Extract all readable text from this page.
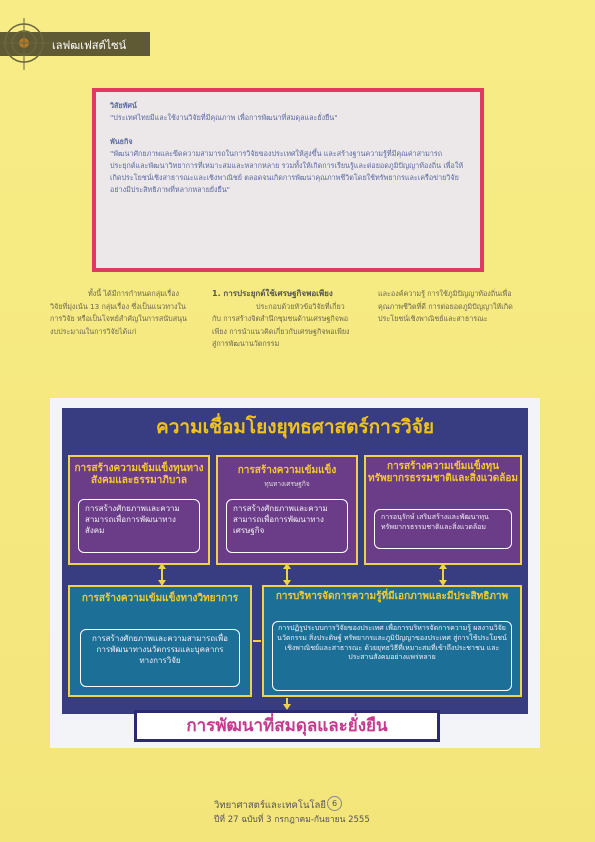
เลฟฒเฟสต์ไซน์

วิสัยทัศน์

"ประเทศไทยมีและใช้งานวิจัยที่มีคุณภาพ เพื่อการพัฒนาที่สมดุลและยั่งยืน"

พันธกิจ

"พัฒนาศักยภาพและขีดความสามารถในการวิจัยของประเทศให้สูงขึ้น และสร้างฐานความรู้ที่มีคุณค่าสามารถประยุกต์และพัฒนาวิทยาการที่เหมาะสมและหลากหลาย รวมทั้งให้เกิดการเรียนรู้และต่อยอดภูมิปัญญาท้องถิ่น เพื่อให้เกิดประโยชน์เชิงสาธารณะและเชิงพาณิชย์ ตลอดจนเกิดการพัฒนาคุณภาพชีวิตโดยใช้ทรัพยากรและเครือข่ายวิจัยอย่างมีประสิทธิภาพที่หลากหลายยั่งยืน"

ทั้งนี้ ได้มีการกำหนดกลุ่มเรื่องวิจัยที่มุ่งเน้น 13 กลุ่มเรื่อง ซึ่งเป็นแนวทางในการวิจัย หรือเป็นโจทย์สำคัญในการสนับสนุนงบประมาณในการวิจัยได้แก่
1. การประยุกต์ใช้เศรษฐกิจพอเพียง
ประกอบด้วยหัวข้อวิจัยที่เกี่ยวกับ การสร้างจิตสำนึกชุมชนด้านเศรษฐกิจพอเพียง การนำแนวคิดเกี่ยวกับเศรษฐกิจพอเพียงสู่การพัฒนานวัตกรรม
และองค์ความรู้ การใช้ภูมิปัญญาท้องถิ่นเพื่อคุณภาพชีวิตที่ดี การต่อยอดภูมิปัญญาให้เกิดประโยชน์เชิงพาณิชย์และสาธารณะ
ความเชื่อมโยงยุทธศาสตร์การวิจัย
การสร้างความเข้มแข็งทุนทางสังคมและธรรมาภิบาล
การสร้างศักยภาพและความสามารถเพื่อการพัฒนาทางสังคม
การสร้างความเข้มแข็ง
ทุนทางเศรษฐกิจ
การสร้างศักยภาพและความสามารถเพื่อการพัฒนาทางเศรษฐกิจ
การสร้างความเข้มแข็งทุนทรัพยากรธรรมชาติและสิ่งแวดล้อม
การอนุรักษ์ เสริมสร้างและพัฒนาทุนทรัพยากรธรรมชาติและสิ่งแวดล้อม
การสร้างความเข้มแข็งทางวิทยาการ
การสร้างศักยภาพและความสามารถเพื่อการพัฒนาทางนวัตกรรมและบุคลากรทางการวิจัย
การบริหารจัดการความรู้ที่มีเอกภาพและมีประสิทธิภาพ
การปฏิรูประบบการวิจัยของประเทศ เพื่อการบริหารจัดการความรู้ ผลงานวิจัย นวัตกรรม สิ่งประดิษฐ์ ทรัพยากรและภูมิปัญญาของประเทศ สู่การใช้ประโยชน์เชิงพาณิชย์และสาธารณะ ด้วยยุทธวิธีที่เหมาะสมที่เข้าถึงประชาชน และประสานสังคมอย่างแพร่หลาย
การพัฒนาที่สมดุลและยั่งยืน
วิทยาศาสตร์และเทคโนโลยี 6
ปีที่ 27 ฉบับที่ 3 กรกฎาคม-กันยายน 2555
